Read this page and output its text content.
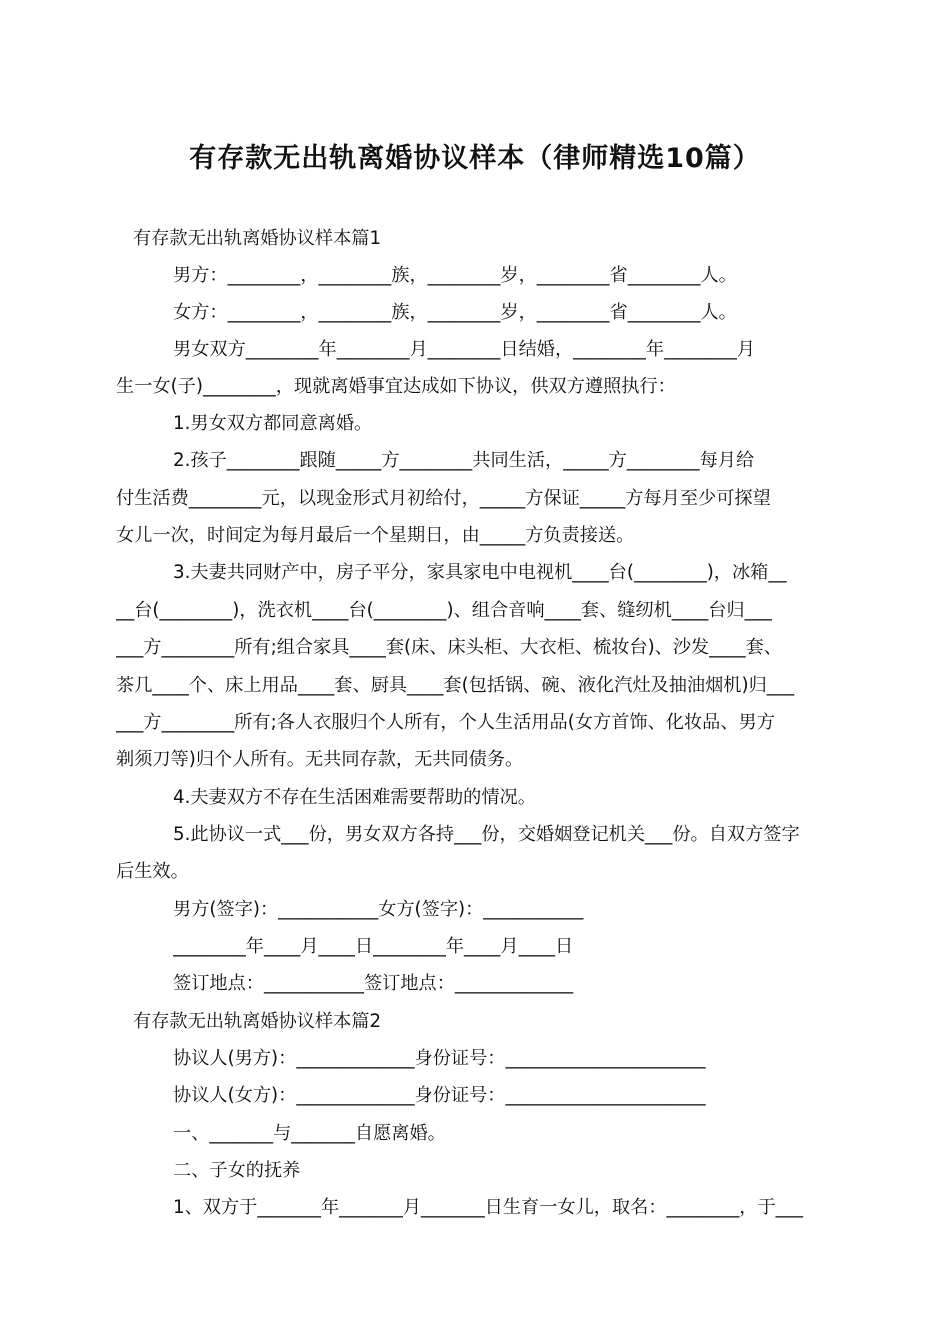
有存款无出轨离婚协议样本（律师精选10篇）
有存款无出轨离婚协议样本篇1
男方：________，________族，________岁，________省________人。
女方：________，________族，________岁，________省________人。
男女双方________年________月________日结婚，________年________月
生一女(子)________，现就离婚事宜达成如下协议，供双方遵照执行：
1.男女双方都同意离婚。
2.孩子________跟随_____方________共同生活，_____方________每月给
付生活费________元，以现金形式月初给付，_____方保证_____方每月至少可探望
女儿一次，时间定为每月最后一个星期日，由_____方负责接送。
3.夫妻共同财产中，房子平分，家具家电中电视机____台(________)，冰箱__
__台(________)，洗衣机____台(________)、组合音响____套、缝纫机____台归___
___方________所有;组合家具____套(床、床头柜、大衣柜、梳妆台)、沙发____套、
茶几____个、床上用品____套、厨具____套(包括锅、碗、液化汽灶及抽油烟机)归___
___方________所有;各人衣服归个人所有，个人生活用品(女方首饰、化妆品、男方
剃须刀等)归个人所有。无共同存款，无共同债务。
4.夫妻双方不存在生活困难需要帮助的情况。
5.此协议一式___份，男女双方各持___份，交婚姻登记机关___份。自双方签字
后生效。
男方(签字)：___________女方(签字)：___________
________年____月____日________年____月____日
签订地点：___________签订地点：_____________
有存款无出轨离婚协议样本篇2
协议人(男方)：_____________身份证号：______________________
协议人(女方)：_____________身份证号：______________________
一、_______与_______自愿离婚。
二、子女的抚养
1、双方于_______年_______月_______日生育一女儿，取名：________，于___
